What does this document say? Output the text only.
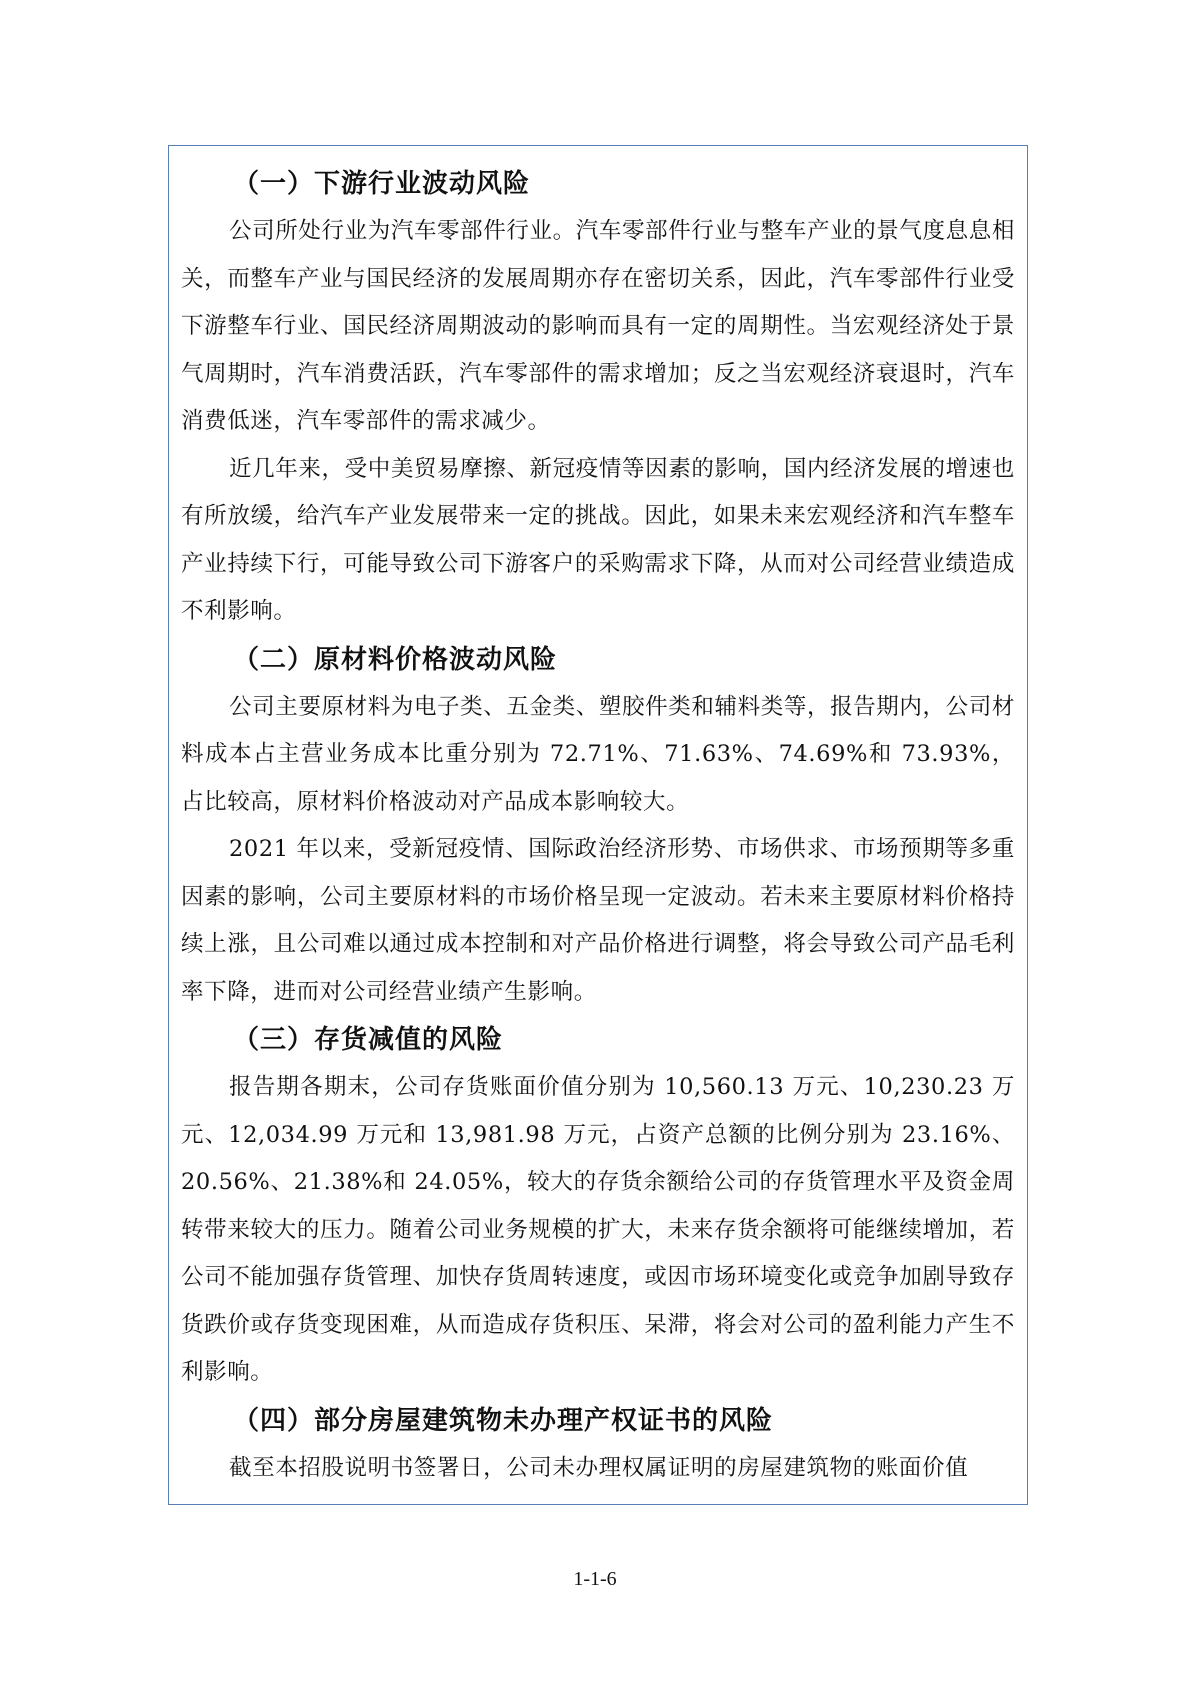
（一）下游行业波动风险

公司所处行业为汽车零部件行业。汽车零部件行业与整车产业的景气度息息相关，而整车产业与国民经济的发展周期亦存在密切关系，因此，汽车零部件行业受下游整车行业、国民经济周期波动的影响而具有一定的周期性。当宏观经济处于景气周期时，汽车消费活跃，汽车零部件的需求增加；反之当宏观经济衰退时，汽车消费低迷，汽车零部件的需求减少。

近几年来，受中美贸易摩擦、新冠疫情等因素的影响，国内经济发展的增速也有所放缓，给汽车产业发展带来一定的挑战。因此，如果未来宏观经济和汽车整车产业持续下行，可能导致公司下游客户的采购需求下降，从而对公司经营业绩造成不利影响。

（二）原材料价格波动风险

公司主要原材料为电子类、五金类、塑胶件类和辅料类等，报告期内，公司材料成本占主营业务成本比重分别为 72.71%、71.63%、74.69%和 73.93%，占比较高，原材料价格波动对产品成本影响较大。

2021 年以来，受新冠疫情、国际政治经济形势、市场供求、市场预期等多重因素的影响，公司主要原材料的市场价格呈现一定波动。若未来主要原材料价格持续上涨，且公司难以通过成本控制和对产品价格进行调整，将会导致公司产品毛利率下降，进而对公司经营业绩产生影响。

（三）存货减值的风险

报告期各期末，公司存货账面价值分别为 10,560.13 万元、10,230.23 万元、12,034.99 万元和 13,981.98 万元，占资产总额的比例分别为 23.16%、20.56%、21.38%和 24.05%，较大的存货余额给公司的存货管理水平及资金周转带来较大的压力。随着公司业务规模的扩大，未来存货余额将可能继续增加，若公司不能加强存货管理、加快存货周转速度，或因市场环境变化或竞争加剧导致存货跌价或存货变现困难，从而造成存货积压、呆滞，将会对公司的盈利能力产生不利影响。

（四）部分房屋建筑物未办理产权证书的风险

截至本招股说明书签署日，公司未办理权属证明的房屋建筑物的账面价值

1-1-6
